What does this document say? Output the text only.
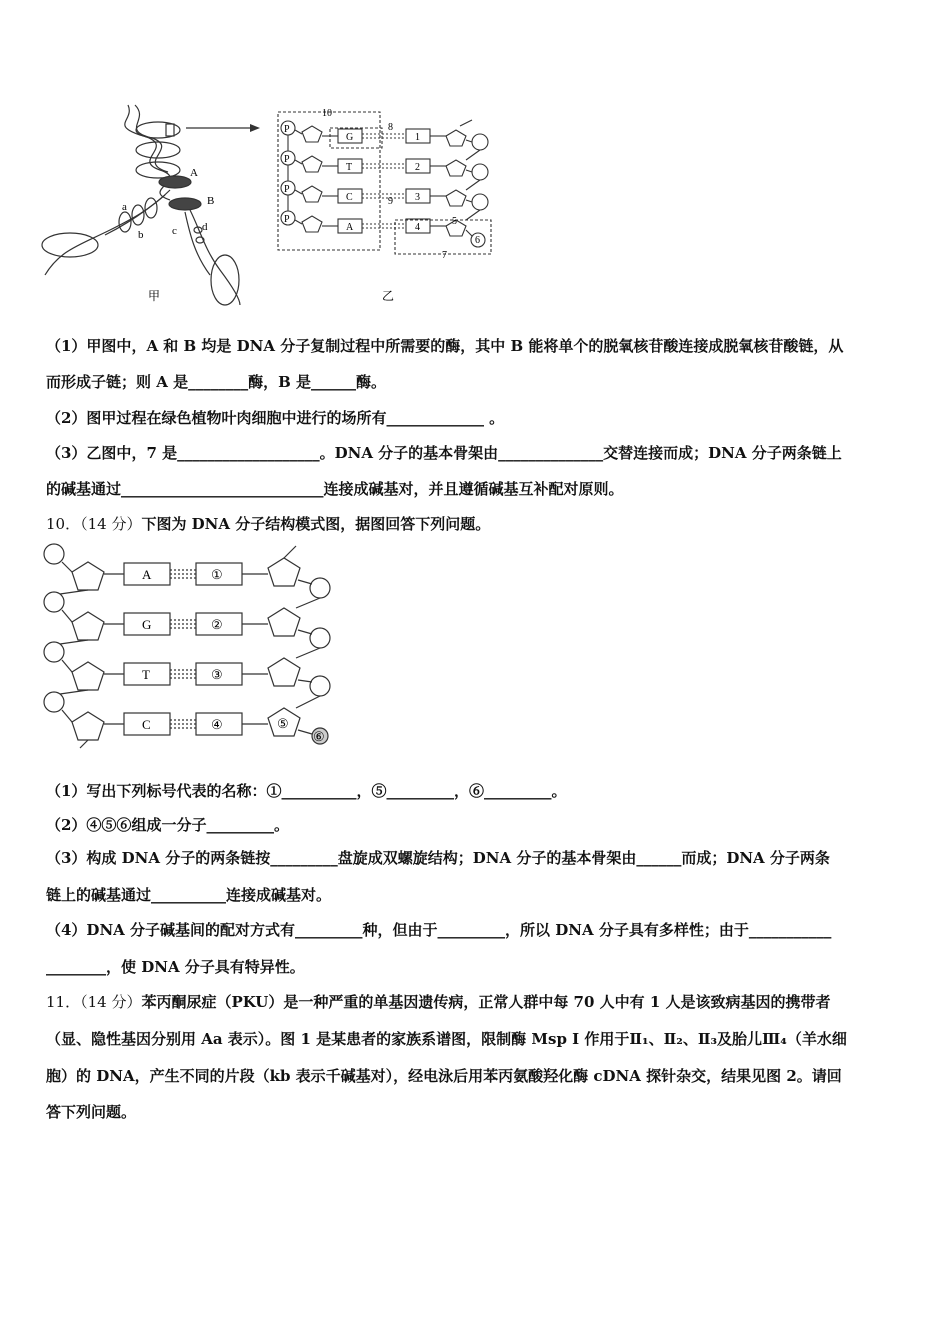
A
B
a
b	c d
甲
P
P
P
P
G
T
C
A
1
2
3
4
10
8
9
5
6
7
乙
（1）甲图中，A 和 B 均是 DNA 分子复制过程中所需要的酶，其中 B 能将单个的脱氧核苷酸连接成脱氧核苷酸链，从
而形成子链；则 A 是________酶，B 是______酶。
（2）图甲过程在绿色植物叶肉细胞中进行的场所有_____________ 。
（3）乙图中，7 是___________________。DNA 分子的基本骨架由______________交替连接而成；DNA 分子两条链上
的碱基通过___________________________连接成碱基对，并且遵循碱基互补配对原则。
10．（14 分）下图为 DNA 分子结构模式图，据图回答下列问题。
A
G
T
C
①
②
③
④	⑤
⑥
（1）写出下列标号代表的名称：①__________，⑤_________，⑥_________。
（2）④⑤⑥组成一分子_________。
（3）构成 DNA 分子的两条链按_________盘旋成双螺旋结构；DNA 分子的基本骨架由______而成；DNA 分子两条
链上的碱基通过__________连接成碱基对。
（4）DNA 分子碱基间的配对方式有_________种，但由于_________，所以 DNA 分子具有多样性；由于___________
________，使 DNA 分子具有特异性。
11．（14 分）苯丙酮尿症（PKU）是一种严重的单基因遗传病，正常人群中每 70 人中有 1 人是该致病基因的携带者
（显、隐性基因分别用 Aa 表示）。图 1 是某患者的家族系谱图，限制酶 Msp I 作用于Ⅱ₁、Ⅱ₂、Ⅱ₃及胎儿Ⅲ₄（羊水细
胞）的 DNA，产生不同的片段（kb 表示千碱基对），经电泳后用苯丙氨酸羟化酶 cDNA 探针杂交，结果见图 2。请回
答下列问题。
